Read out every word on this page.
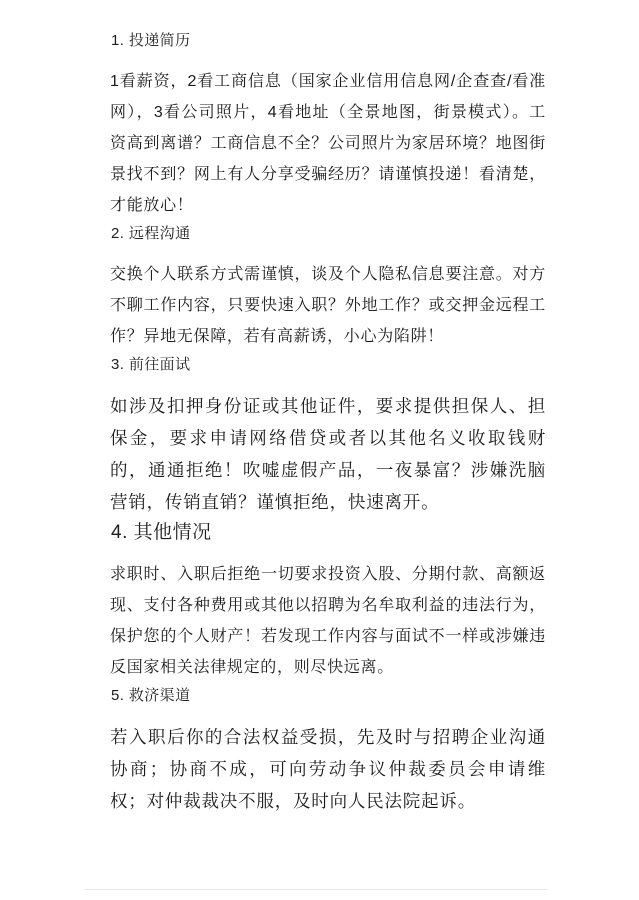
1. 投递简历

1看薪资，2看工商信息（国家企业信用信息网/企查查/看准网），3看公司照片，4看地址（全景地图，街景模式）。工资高到离谱？工商信息不全？公司照片为家居环境？地图街景找不到？网上有人分享受骗经历？请谨慎投递！看清楚，才能放心！

2. 远程沟通

交换个人联系方式需谨慎，谈及个人隐私信息要注意。对方不聊工作内容，只要快速入职？外地工作？或交押金远程工作？异地无保障，若有高薪诱，小心为陷阱！

3. 前往面试

如涉及扣押身份证或其他证件，要求提供担保人、担保金，要求申请网络借贷或者以其他名义收取钱财的，通通拒绝！吹嘘虚假产品，一夜暴富？涉嫌洗脑营销，传销直销？谨慎拒绝，快速离开。

4. 其他情况

求职时、入职后拒绝一切要求投资入股、分期付款、高额返现、支付各种费用或其他以招聘为名牟取利益的违法行为，保护您的个人财产！若发现工作内容与面试不一样或涉嫌违反国家相关法律规定的，则尽快远离。

5. 救济渠道

若入职后你的合法权益受损，先及时与招聘企业沟通协商；协商不成，可向劳动争议仲裁委员会申请维权；对仲裁裁决不服，及时向人民法院起诉。
